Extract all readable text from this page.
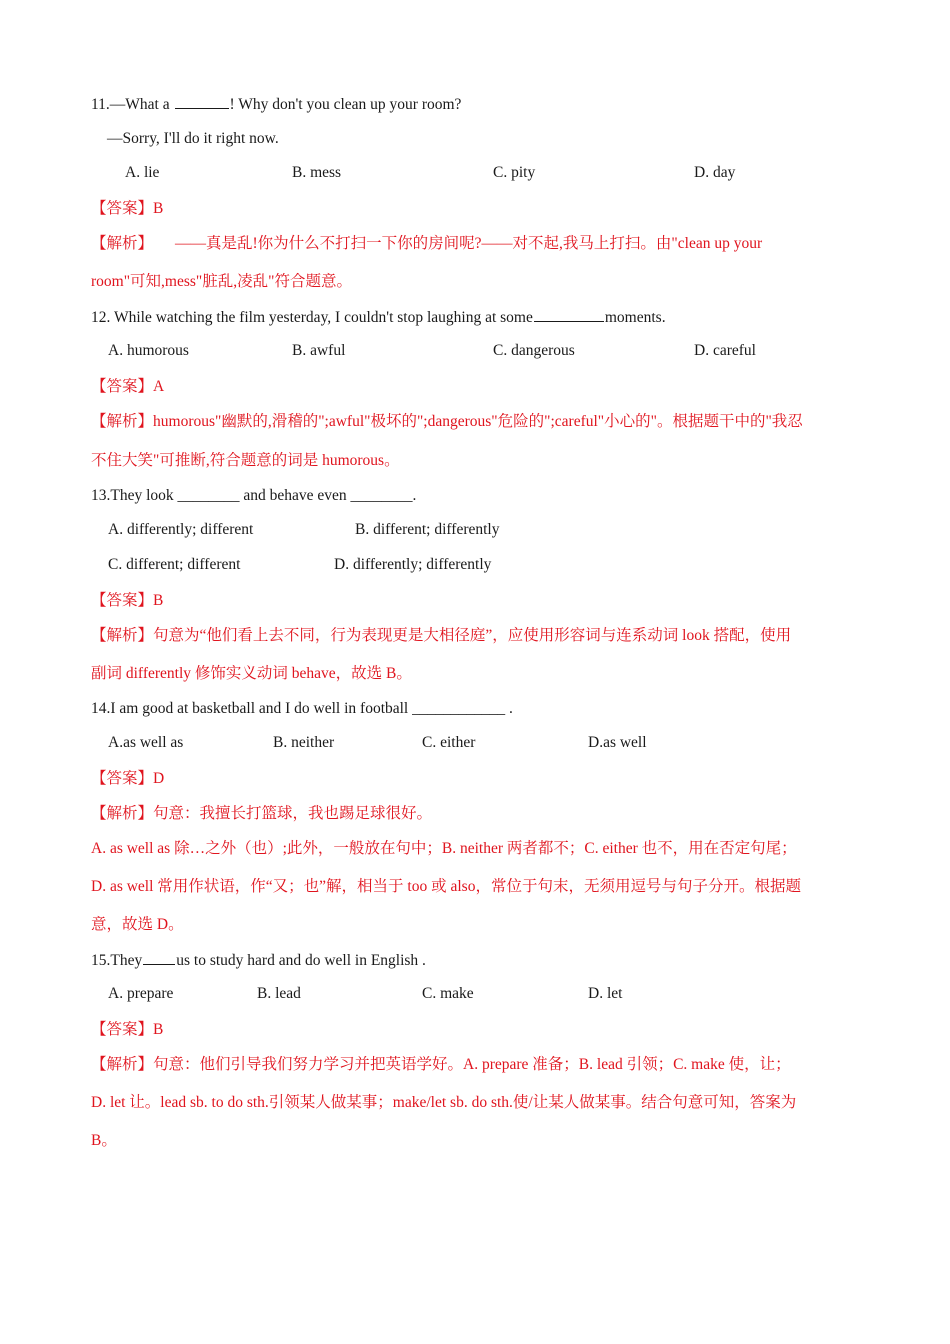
11.—What a	! Why don't you clean up your room?
—Sorry, I'll do it right now.
A. lie	B. mess	C. pity	D. day
【答案】B
【解析】 ——真是乱!你为什么不打扫一下你的房间呢?——对不起,我马上打扫。由"clean up your
room"可知,mess"脏乱,凌乱"符合题意。
12. While watching the film yesterday, I couldn't stop laughing at some	moments.
A. humorous	B. awful	C. dangerous	D. careful
【答案】A
【解析】humorous"幽默的,滑稽的";awful"极坏的";dangerous"危险的";careful"小心的"。根据题干中的"我忍
不住大笑"可推断,符合题意的词是 humorous。
13.They look ________ and behave even ________.
A. differently; different	B. different; differently
C. different; different	D. differently; differently
【答案】B
【解析】句意为“他们看上去不同，行为表现更是大相径庭”，应使用形容词与连系动词 look 搭配，使用
副词 differently 修饰实义动词 behave，故选 B。
14.I am good at basketball and I do well in football ____________ .
A.as well as	B. neither	C. either	D.as well
【答案】D
【解析】句意：我擅长打篮球，我也踢足球很好。
A. as well as 除…之外（也）;此外，一般放在句中；B. neither 两者都不；C. either 也不，用在否定句尾；
D. as well 常用作状语，作“又；也”解，相当于 too 或 also，常位于句末，无须用逗号与句子分开。根据题
意，故选 D。
15.They us to study hard and do well in English .
A. prepare	B. lead	C. make	D. let
【答案】B
【解析】句意：他们引导我们努力学习并把英语学好。A. prepare 准备；B. lead 引领；C. make 使，让；
D. let 让。lead sb. to do sth.引领某人做某事；make/let sb. do sth.使/让某人做某事。结合句意可知，答案为
B。
